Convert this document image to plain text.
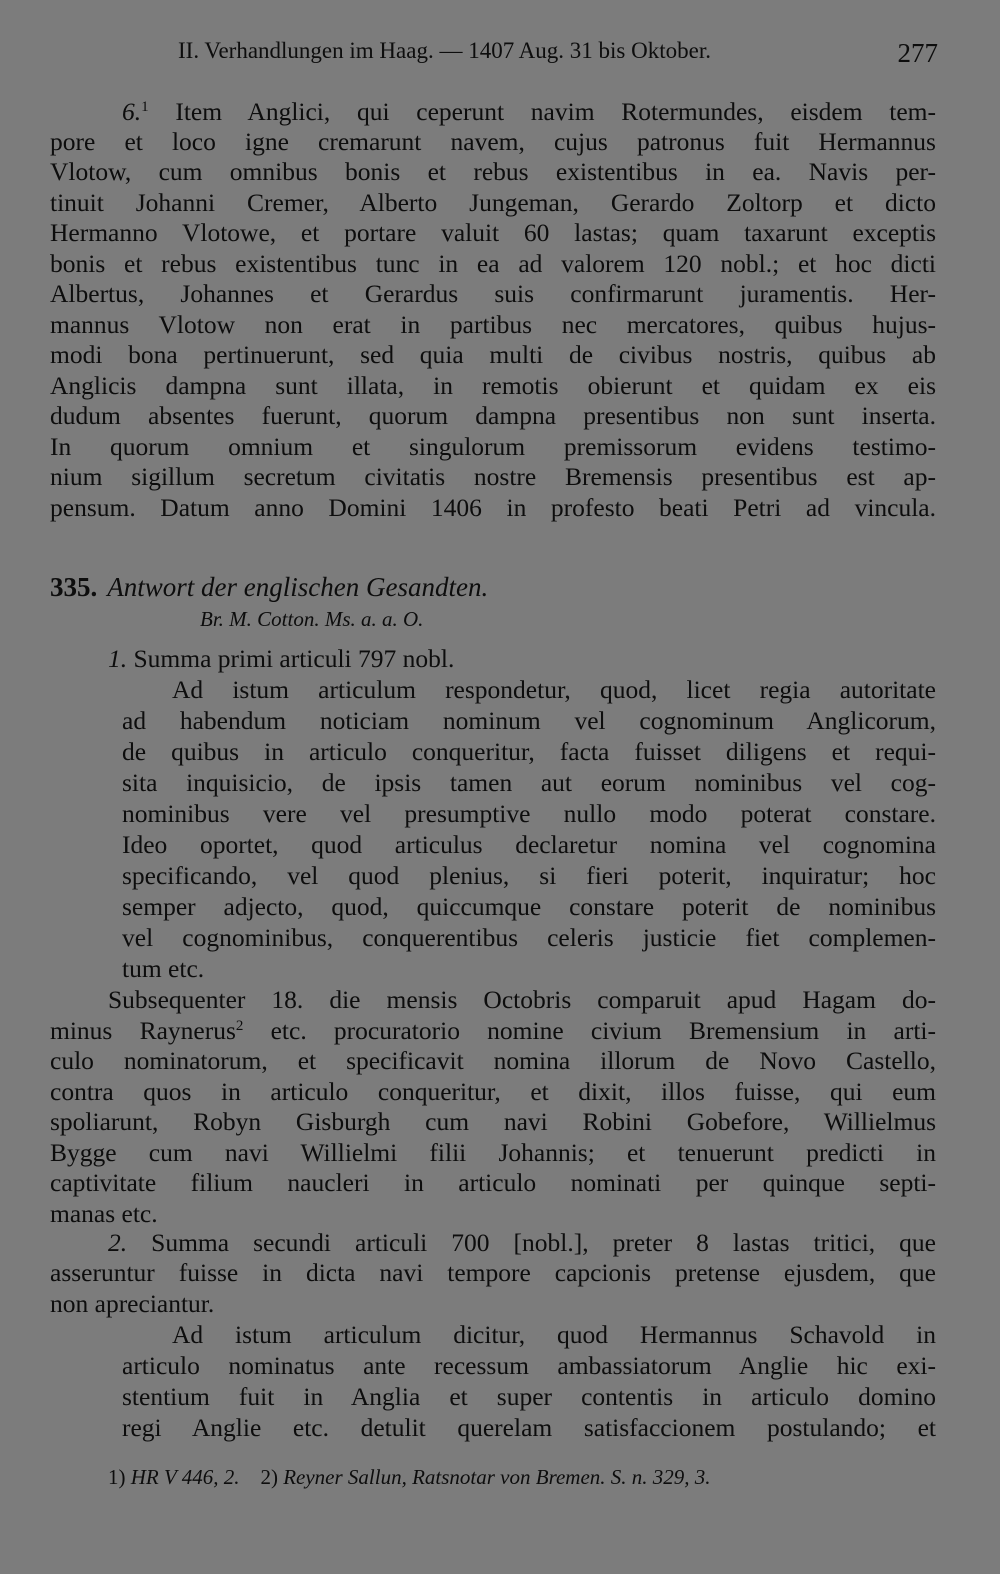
II. Verhandlungen im Haag. — 1407 Aug. 31 bis Oktober.	277
6.$^1$ Item Anglici, qui ceperunt navim Rotermundes, eisdem tem-
pore et loco igne cremarunt navem, cujus patronus fuit Hermannus
Vlotow, cum omnibus bonis et rebus existentibus in ea. Navis per-
tinuit Johanni Cremer, Alberto Jungeman, Gerardo Zoltorp et dicto
Hermanno Vlotowe, et portare valuit 60 lastas; quam taxarunt exceptis
bonis et rebus existentibus tunc in ea ad valorem 120 nobl.; et hoc dicti
Albertus, Johannes et Gerardus suis confirmarunt juramentis. Her-
mannus Vlotow non erat in partibus nec mercatores, quibus hujus-
modi bona pertinuerunt, sed quia multi de civibus nostris, quibus ab
Anglicis dampna sunt illata, in remotis obierunt et quidam ex eis
dudum absentes fuerunt, quorum dampna presentibus non sunt inserta.
In quorum omnium et singulorum premissorum evidens testimo-
nium sigillum secretum civitatis nostre Bremensis presentibus est ap-
pensum. Datum anno Domini 1406 in profesto beati Petri ad vincula.
335. Antwort der englischen Gesandten.
Br. M. Cotton. Ms. a. a. O.
1. Summa primi articuli 797 nobl.
Ad istum articulum respondetur, quod, licet regia autoritate
ad habendum noticiam nominum vel cognominum Anglicorum,
de quibus in articulo conqueritur, facta fuisset diligens et requi-
sita inquisicio, de ipsis tamen aut eorum nominibus vel cog-
nominibus vere vel presumptive nullo modo poterat constare.
Ideo oportet, quod articulus declaretur nomina vel cognomina
specificando, vel quod plenius, si fieri poterit, inquiratur; hoc
semper adjecto, quod, quiccumque constare poterit de nominibus
vel cognominibus, conquerentibus celeris justicie fiet complemen-
tum etc.
Subsequenter 18. die mensis Octobris comparuit apud Hagam do-
minus Raynerus$^2$ etc. procuratorio nomine civium Bremensium in arti-
culo nominatorum, et specificavit nomina illorum de Novo Castello,
contra quos in articulo conqueritur, et dixit, illos fuisse, qui eum
spoliarunt, Robyn Gisburgh cum navi Robini Gobefore, Willielmus
Bygge cum navi Willielmi filii Johannis; et tenuerunt predicti in
captivitate filium naucleri in articulo nominati per quinque septi-
manas etc.
2. Summa secundi articuli 700 [nobl.], preter 8 lastas tritici, que
asseruntur fuisse in dicta navi tempore capcionis pretense ejusdem, que
non apreciantur.
Ad istum articulum dicitur, quod Hermannus Schavold in
articulo nominatus ante recessum ambassiatorum Anglie hic exi-
stentium fuit in Anglia et super contentis in articulo domino
regi Anglie etc. detulit querelam satisfaccionem postulando; et
1) HR V 446, 2. 2) Reyner Sallun, Ratsnotar von Bremen. S. n. 329, 3.
